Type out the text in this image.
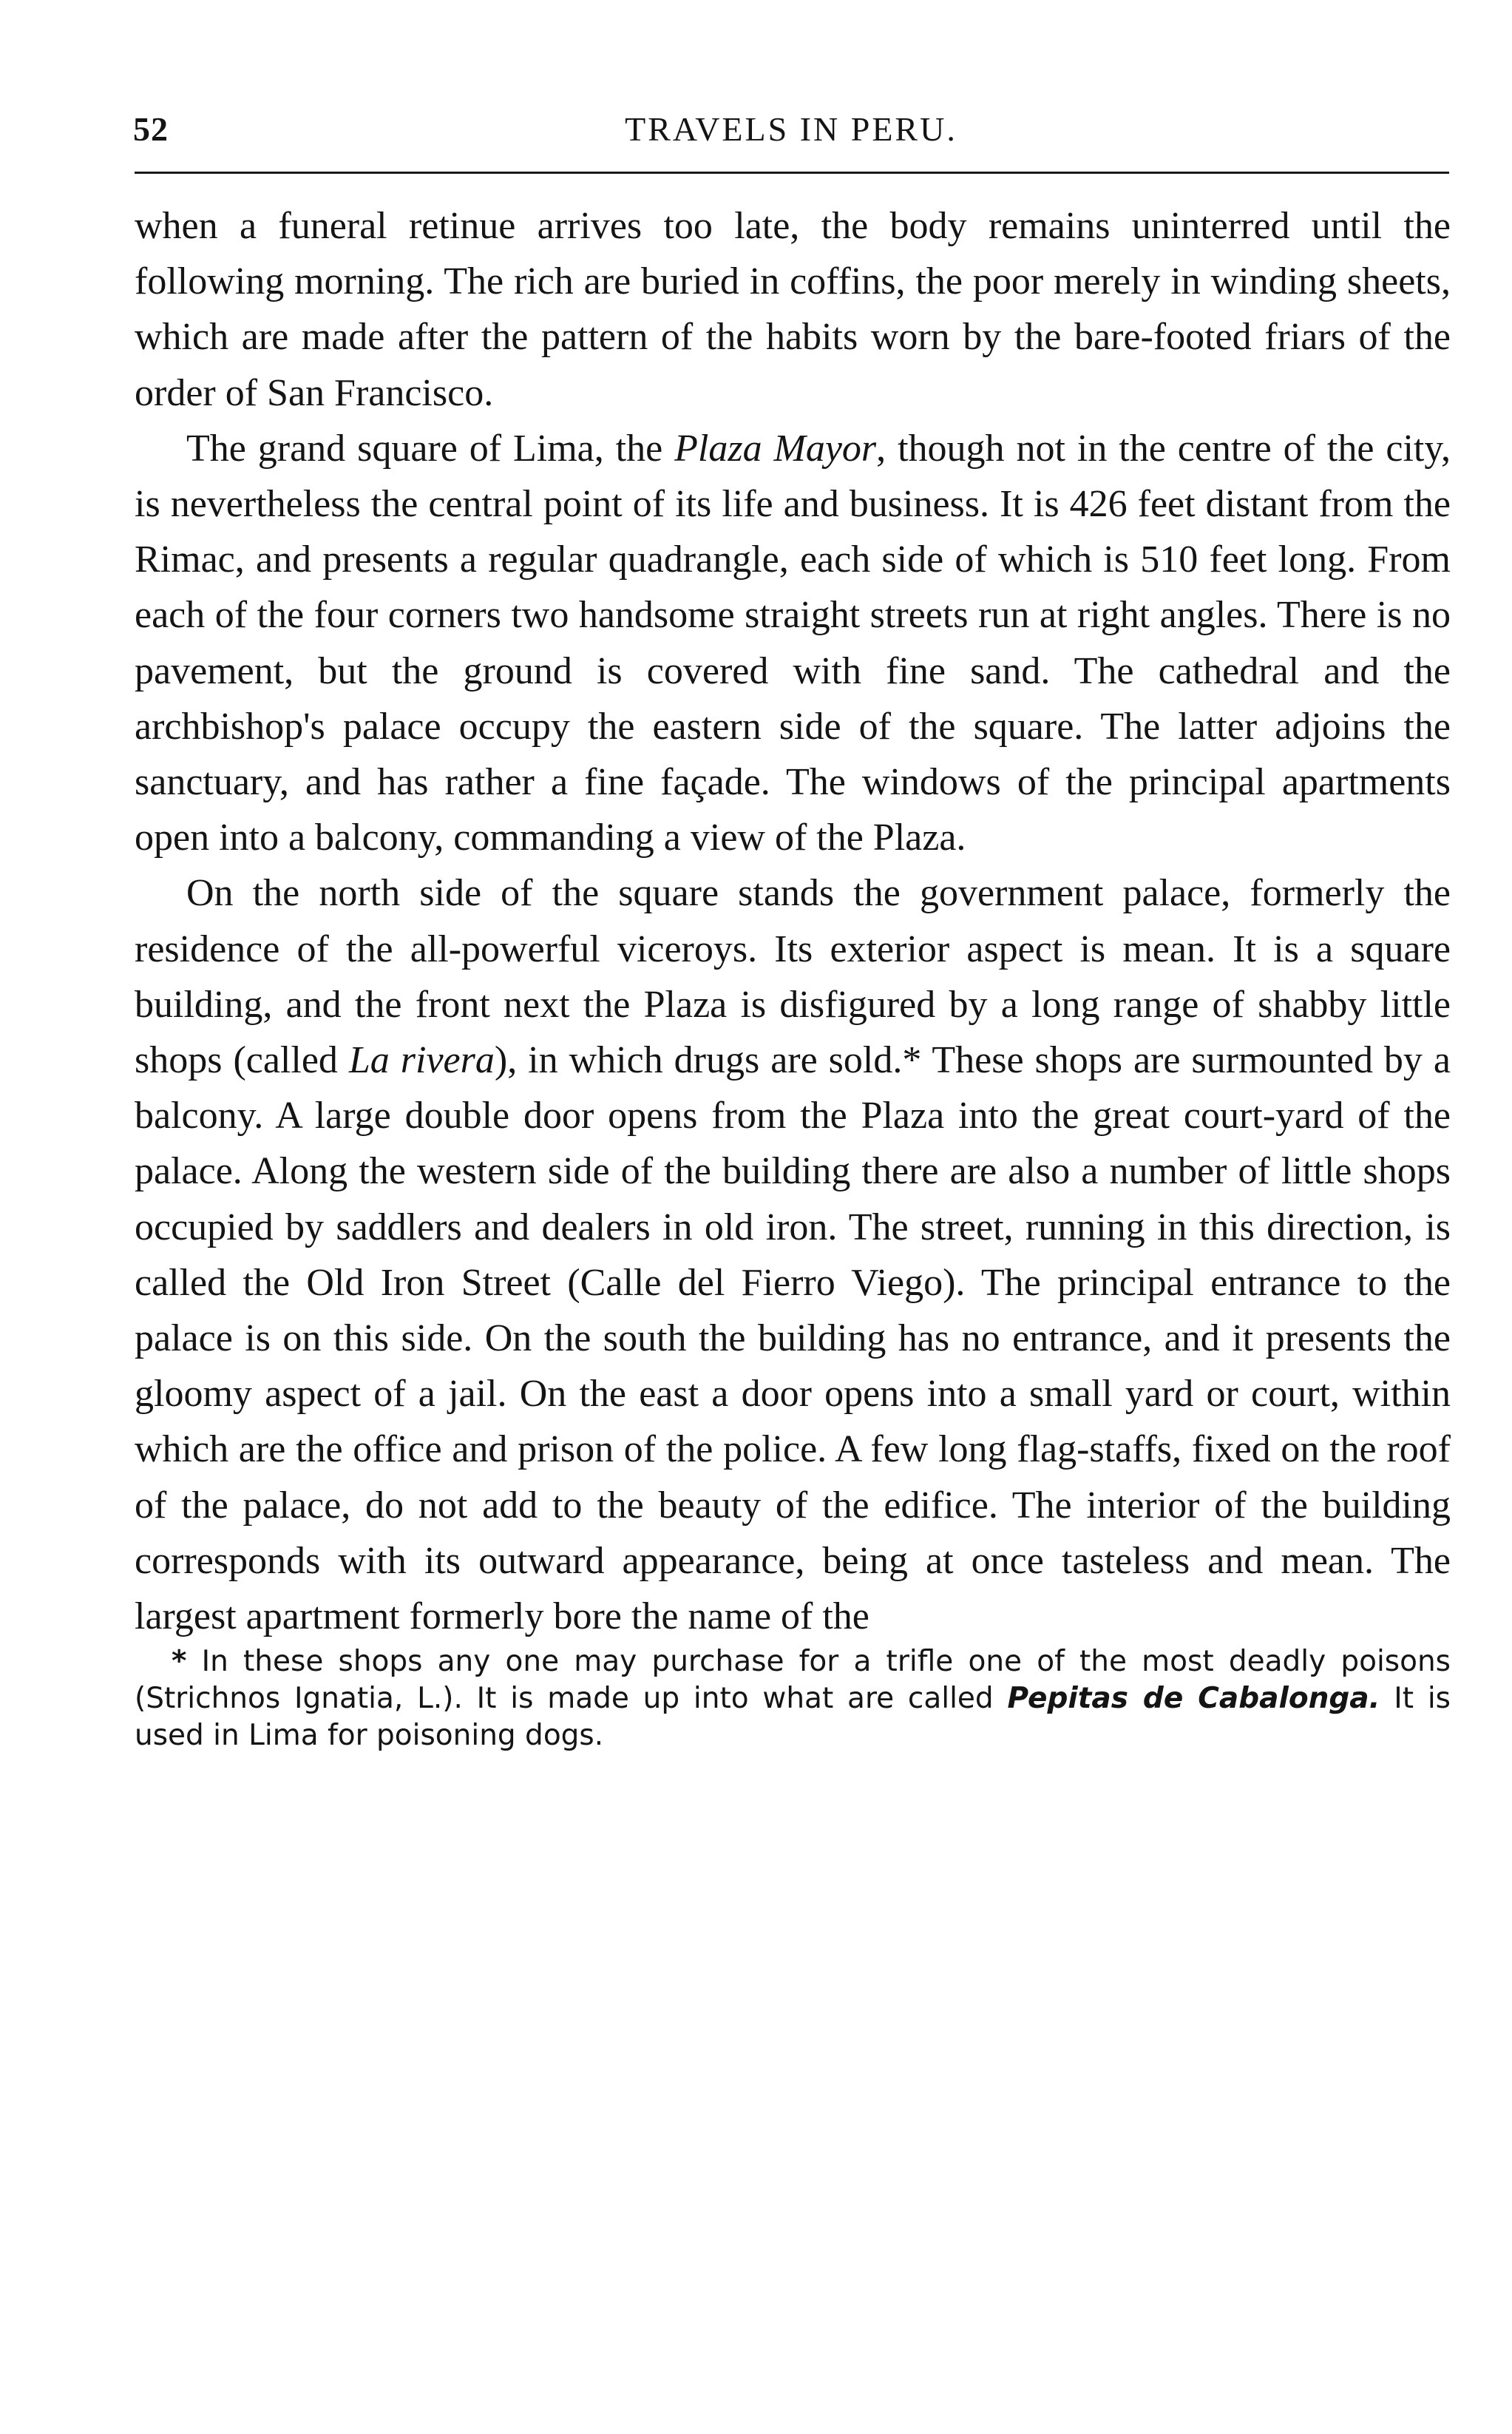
52	TRAVELS IN PERU.

when a funeral retinue arrives too late, the body remains uninterred until the following morning. The rich are buried in coffins, the poor merely in winding sheets, which are made after the pattern of the habits worn by the bare-footed friars of the order of San Francisco.

The grand square of Lima, the Plaza Mayor, though not in the centre of the city, is nevertheless the central point of its life and business. It is 426 feet distant from the Rimac, and presents a regular quadrangle, each side of which is 510 feet long. From each of the four corners two handsome straight streets run at right angles. There is no pavement, but the ground is covered with fine sand. The cathedral and the archbishop's palace occupy the eastern side of the square. The latter adjoins the sanctuary, and has rather a fine façade. The windows of the principal apartments open into a balcony, commanding a view of the Plaza.

On the north side of the square stands the government palace, formerly the residence of the all-powerful viceroys. Its exterior aspect is mean. It is a square building, and the front next the Plaza is disfigured by a long range of shabby little shops (called La rivera), in which drugs are sold.* These shops are surmounted by a balcony. A large double door opens from the Plaza into the great court-yard of the palace. Along the western side of the building there are also a number of little shops occupied by saddlers and dealers in old iron. The street, running in this direction, is called the Old Iron Street (Calle del Fierro Viego). The principal entrance to the palace is on this side. On the south the building has no entrance, and it presents the gloomy aspect of a jail. On the east a door opens into a small yard or court, within which are the office and prison of the police. A few long flag-staffs, fixed on the roof of the palace, do not add to the beauty of the edifice. The interior of the building corresponds with its outward appearance, being at once tasteless and mean. The largest apartment formerly bore the name of the

* In these shops any one may purchase for a trifle one of the most deadly poisons (Strichnos Ignatia, L.). It is made up into what are called Pepitas de Cabalonga. It is used in Lima for poisoning dogs.
